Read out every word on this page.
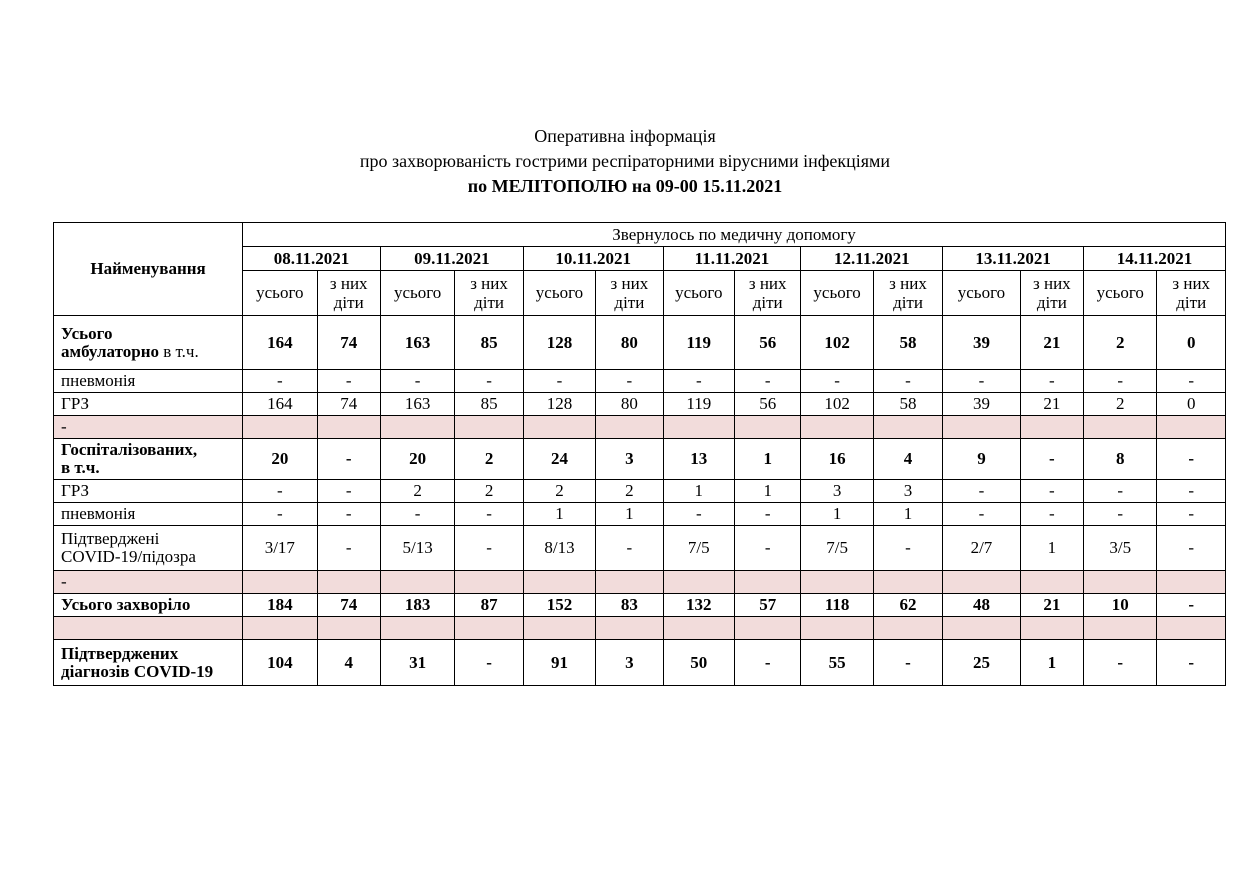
Оперативна інформація
про захворюваність гострими респіраторними вірусними інфекціями
по МЕЛІТОПОЛЮ на 09-00 15.11.2021
Найменування	Звернулось по медичну допомогу													
	08.11.2021		09.11.2021		10.11.2021		11.11.2021		12.11.2021		13.11.2021		14.11.2021	
	усього	з них діти	усього	з них діти	усього	з них діти	усього	з них діти	усього	з них діти	усього	з них діти	усього	з них діти
Усього
амбулаторно в т.ч.	164	74	163	85	128	80	119	56	102	58	39	21	2	0
пневмонія	-	-	-	-	-	-	-	-	-	-	-	-	-	-
ГРЗ	164	74	163	85	128	80	119	56	102	58	39	21	2	0
-														
Госпіталізованих,
в т.ч.	20	-	20	2	24	3	13	1	16	4	9	-	8	-
ГРЗ	-	-	2	2	2	2	1	1	3	3	-	-	-	-
пневмонія	-	-	-	-	1	1	-	-	1	1	-	-	-	-
Підтверджені
COVID-19/підозра	3/17	-	5/13	-	8/13	-	7/5	-	7/5	-	2/7	1	3/5	-
-														
Усього захворіло	184	74	183	87	152	83	132	57	118	62	48	21	10	-

Підтверджених
діагнозів COVID-19	104	4	31	-	91	3	50	-	55	-	25	1	-	-
